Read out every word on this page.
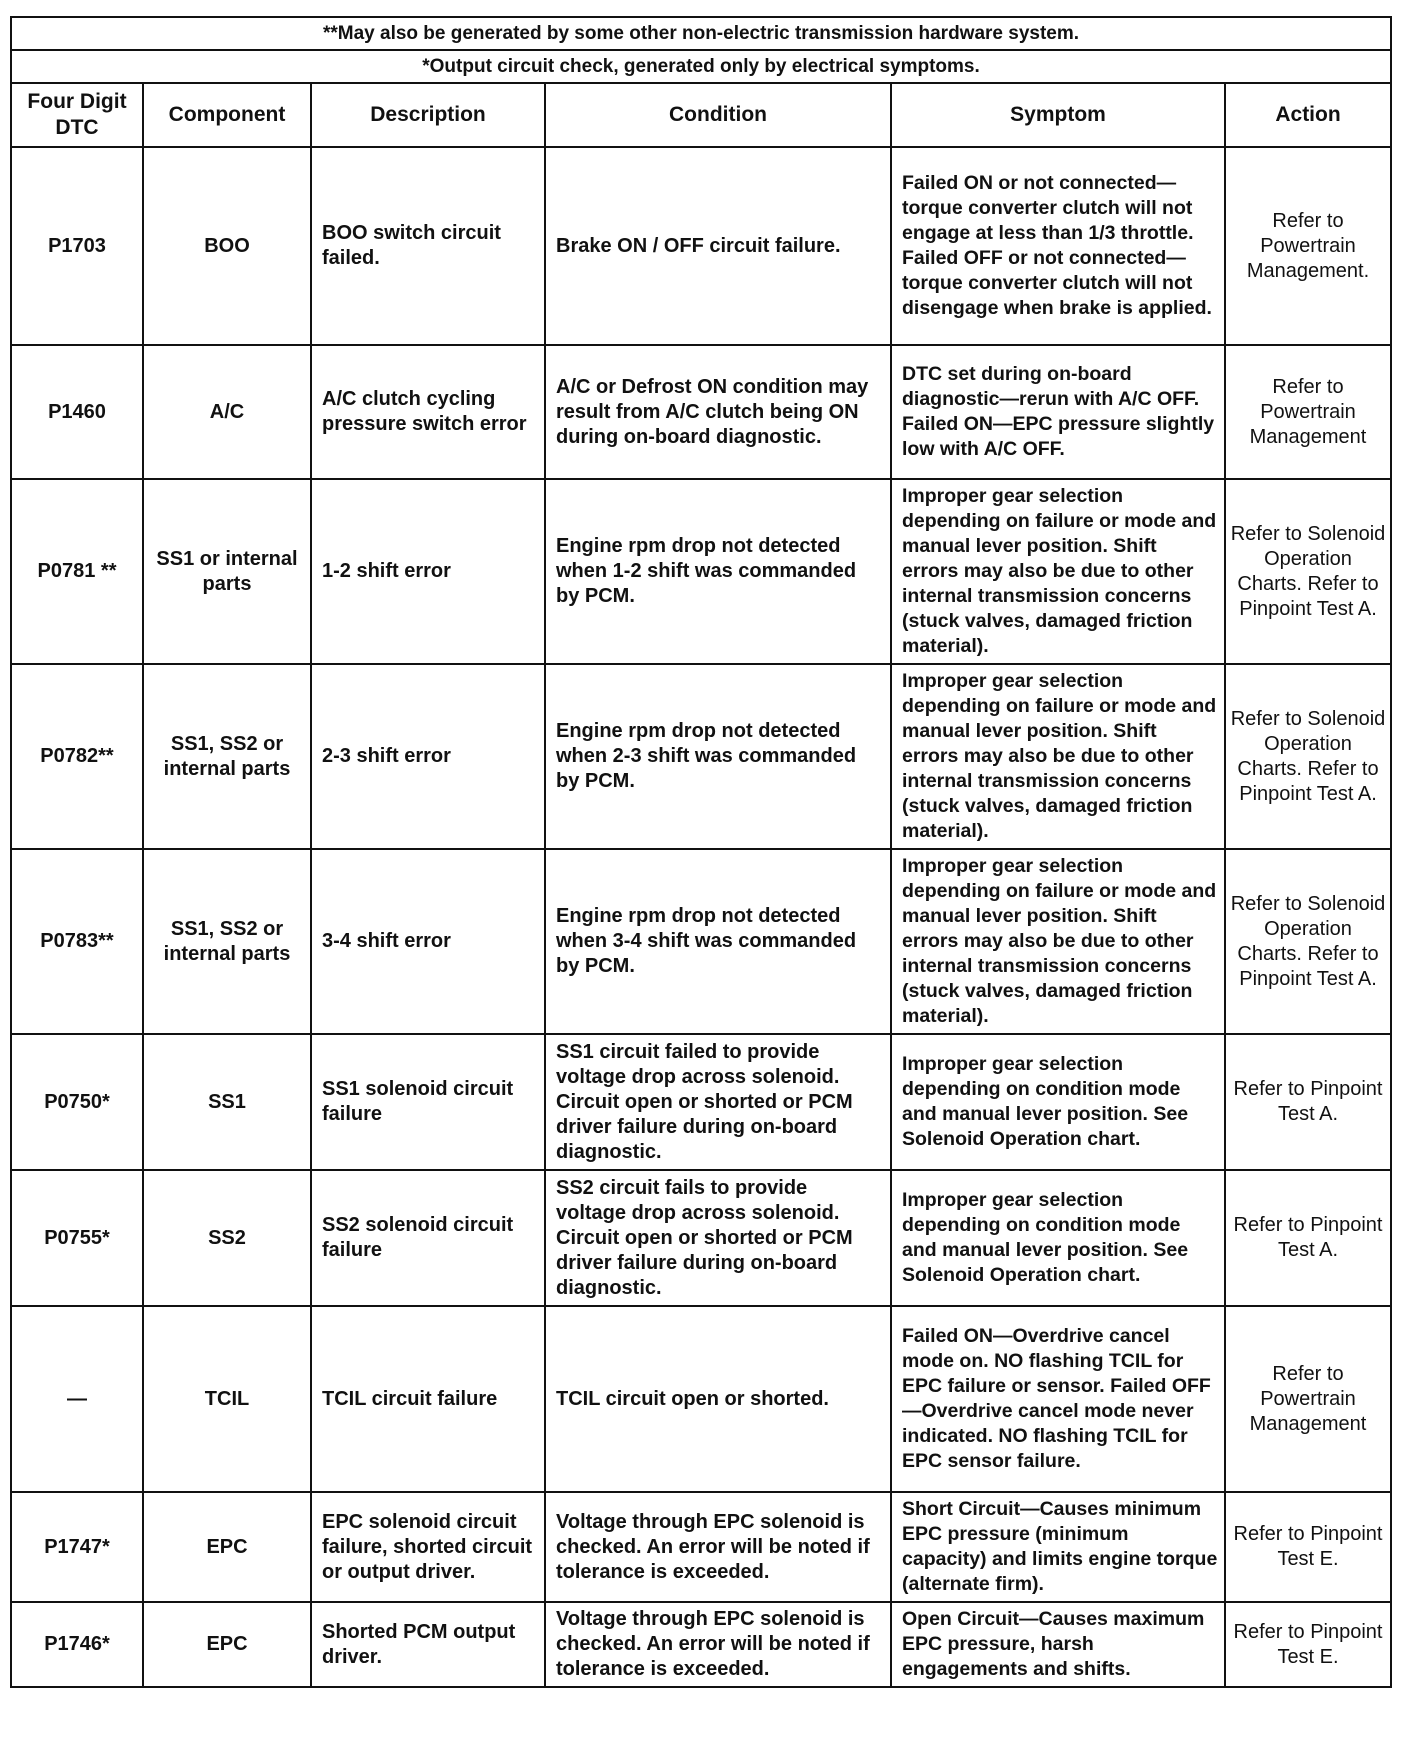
**May also be generated by some other non-electric transmission hardware system.					
*Output circuit check, generated only by electrical symptoms.					
Four Digit DTC	Component	Description	Condition	Symptom	Action
P1703	BOO	BOO switch circuit failed.	Brake ON / OFF circuit failure.	Failed ON or not connected—torque converter clutch will not engage at less than 1/3 throttle. Failed OFF or not connected—torque converter clutch will not disengage when brake is applied.	Refer to Powertrain Management.
P1460	A/C	A/C clutch cycling pressure switch error	A/C or Defrost ON condition may result from A/C clutch being ON during on-board diagnostic.	DTC set during on-board diagnostic—rerun with A/C OFF. Failed ON—EPC pressure slightly low with A/C OFF.	Refer to Powertrain Management
P0781 **	SS1 or internal parts	1-2 shift error	Engine rpm drop not detected when 1-2 shift was commanded by PCM.	Improper gear selection depending on failure or mode and manual lever position. Shift errors may also be due to other internal transmission concerns (stuck valves, damaged friction material).	Refer to Solenoid Operation Charts. Refer to Pinpoint Test A.
P0782**	SS1, SS2 or internal parts	2-3 shift error	Engine rpm drop not detected when 2-3 shift was commanded by PCM.	Improper gear selection depending on failure or mode and manual lever position. Shift errors may also be due to other internal transmission concerns (stuck valves, damaged friction material).	Refer to Solenoid Operation Charts. Refer to Pinpoint Test A.
P0783**	SS1, SS2 or internal parts	3-4 shift error	Engine rpm drop not detected when 3-4 shift was commanded by PCM.	Improper gear selection depending on failure or mode and manual lever position. Shift errors may also be due to other internal transmission concerns (stuck valves, damaged friction material).	Refer to Solenoid Operation Charts. Refer to Pinpoint Test A.
P0750*	SS1	SS1 solenoid circuit failure	SS1 circuit failed to provide voltage drop across solenoid. Circuit open or shorted or PCM driver failure during on-board diagnostic.	Improper gear selection depending on condition mode and manual lever position. See Solenoid Operation chart.	Refer to Pinpoint Test A.
P0755*	SS2	SS2 solenoid circuit failure	SS2 circuit fails to provide voltage drop across solenoid. Circuit open or shorted or PCM driver failure during on-board diagnostic.	Improper gear selection depending on condition mode and manual lever position. See Solenoid Operation chart.	Refer to Pinpoint Test A.
—	TCIL	TCIL circuit failure	TCIL circuit open or shorted.	Failed ON—Overdrive cancel mode on. NO flashing TCIL for EPC failure or sensor. Failed OFF—Overdrive cancel mode never indicated. NO flashing TCIL for EPC sensor failure.	Refer to Powertrain Management
P1747*	EPC	EPC solenoid circuit failure, shorted circuit or output driver.	Voltage through EPC solenoid is checked. An error will be noted if tolerance is exceeded.	Short Circuit—Causes minimum EPC pressure (minimum capacity) and limits engine torque (alternate firm).	Refer to Pinpoint Test E.
P1746*	EPC	Shorted PCM output driver.	Voltage through EPC solenoid is checked. An error will be noted if tolerance is exceeded.	Open Circuit—Causes maximum EPC pressure, harsh engagements and shifts.	Refer to Pinpoint Test E.
